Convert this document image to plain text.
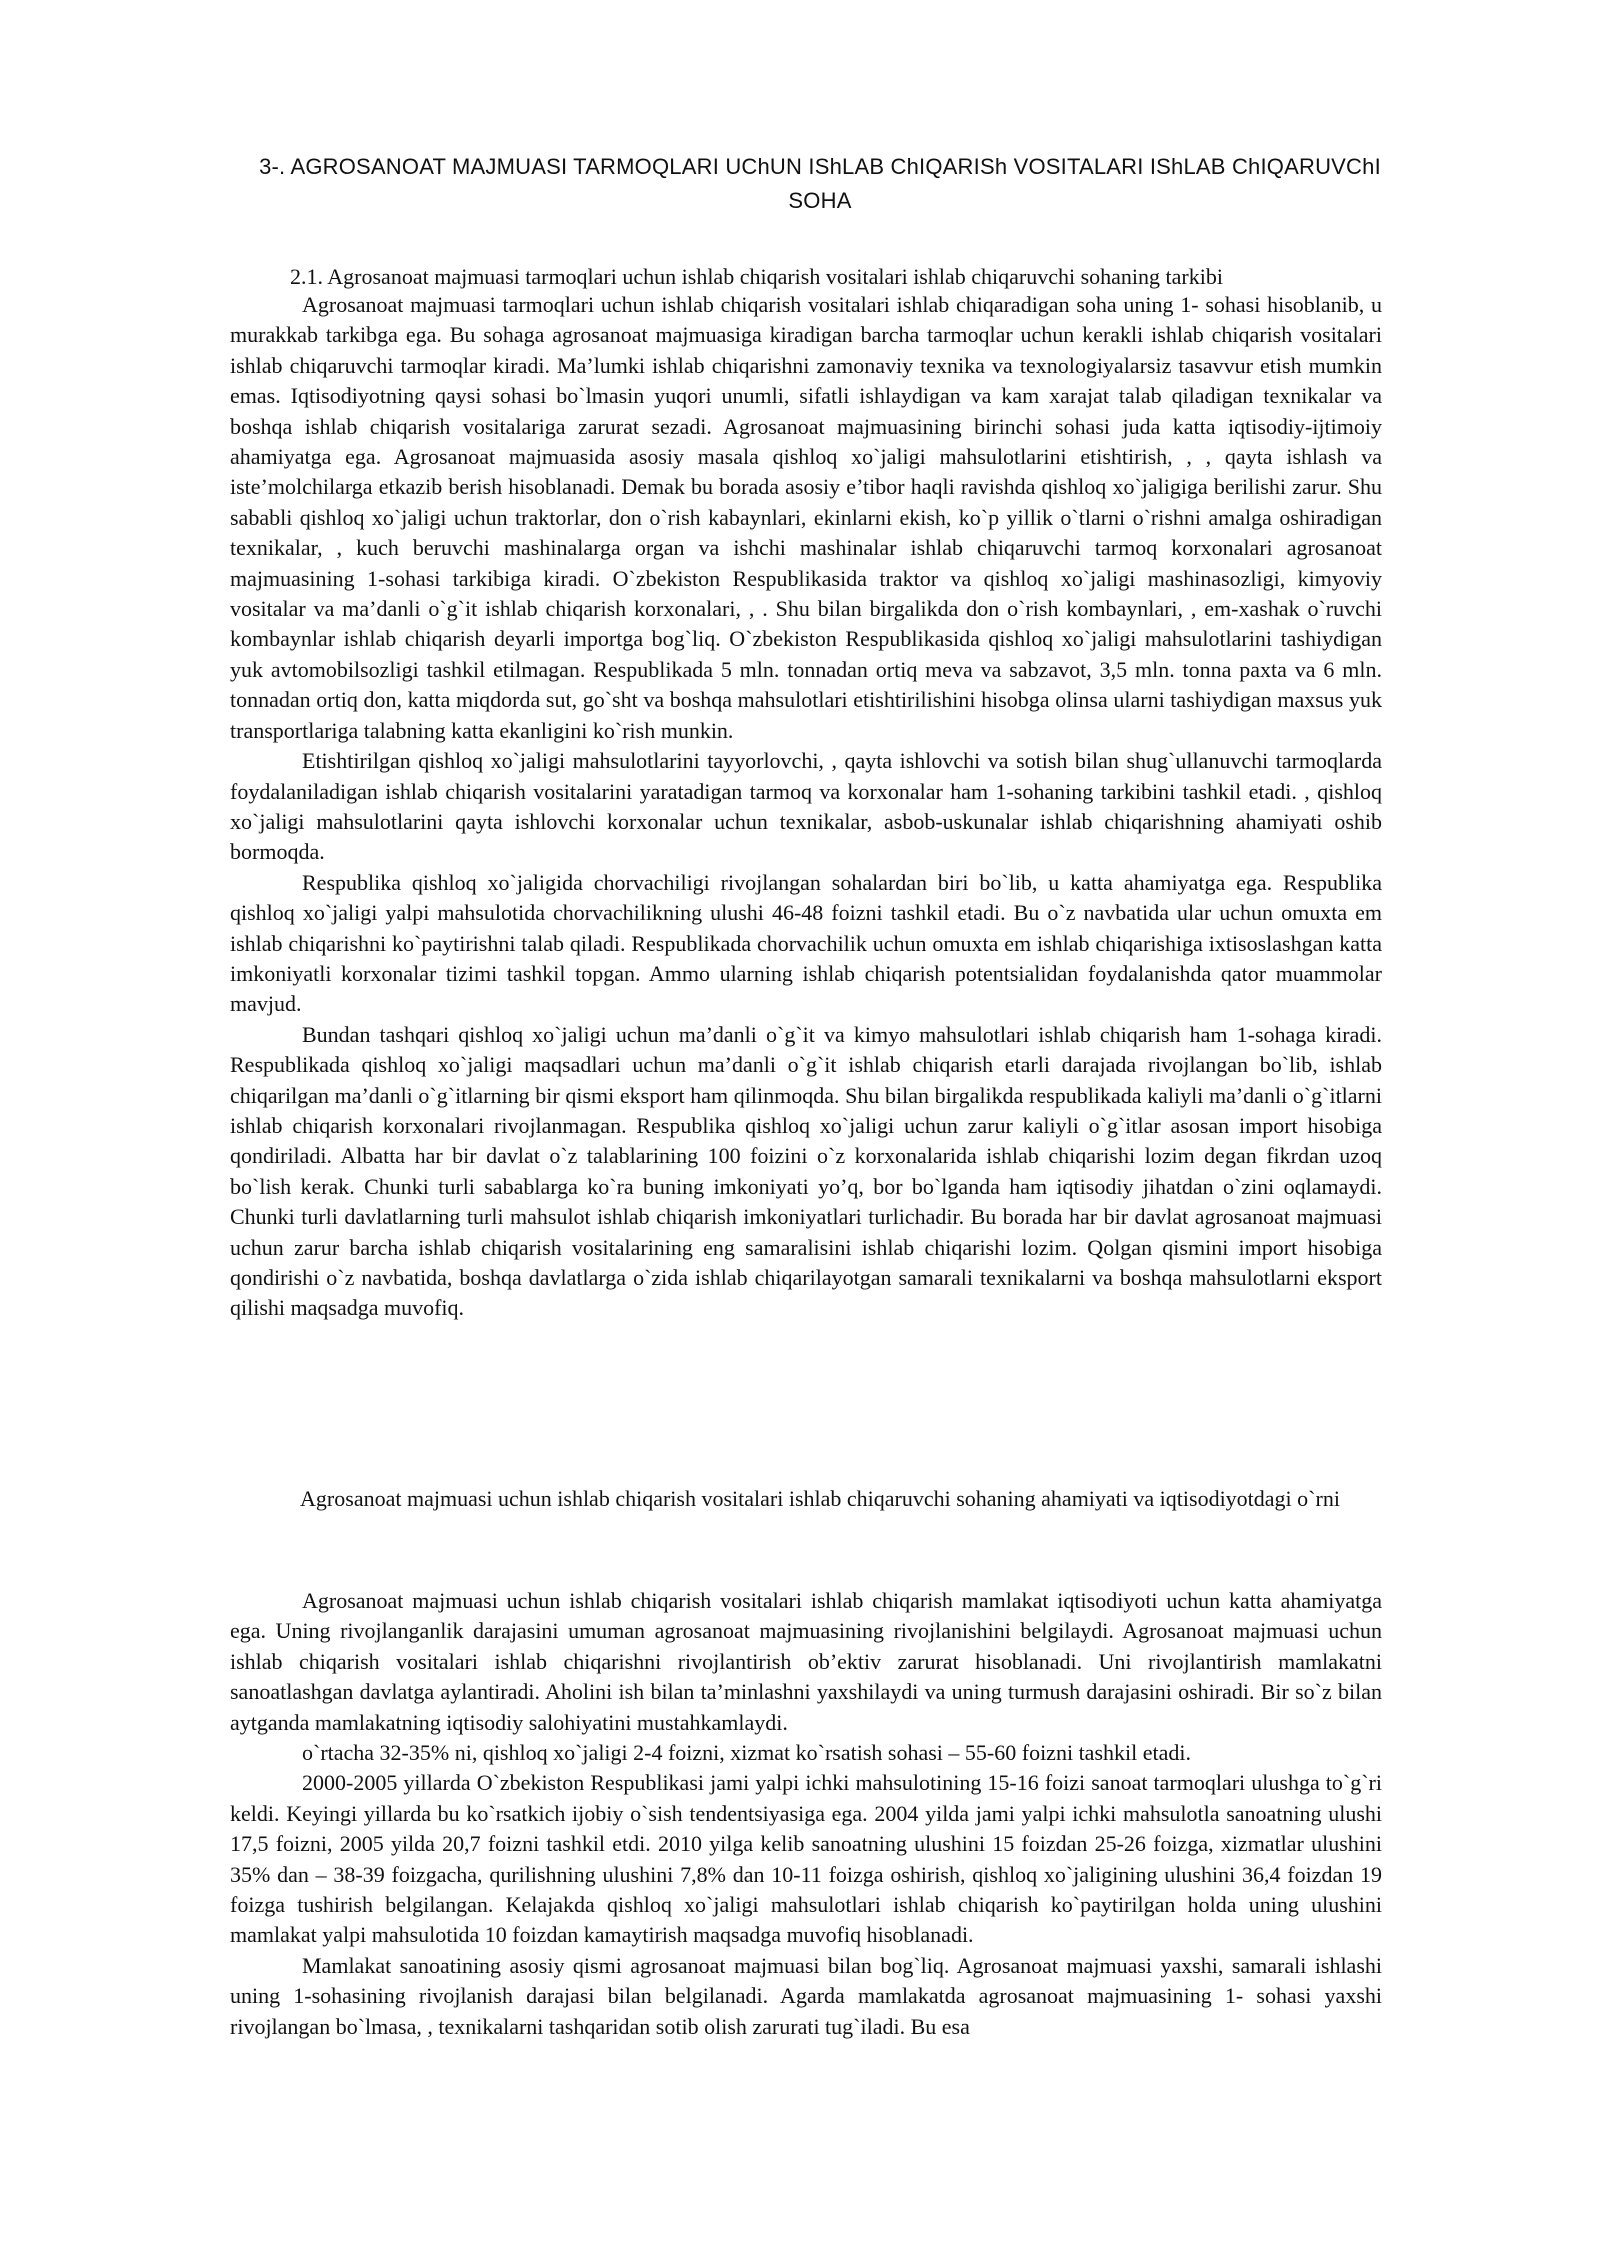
3-. AGROSANOAT MAJMUASI TARMOQLARI UChUN IShLAB ChIQARISh VOSITALARI IShLAB ChIQARUVChI SOHA
2.1. Agrosanoat majmuasi tarmoqlari uchun ishlab chiqarish vositalari ishlab chiqaruvchi sohaning tarkibi

Agrosanoat majmuasi tarmoqlari uchun ishlab chiqarish vositalari ishlab chiqaradigan soha uning 1- sohasi hisoblanib, u murakkab tarkibga ega. Bu sohaga agrosanoat majmuasiga kiradigan barcha tarmoqlar uchun kerakli ishlab chiqarish vositalari ishlab chiqaruvchi tarmoqlar kiradi. Ma’lumki ishlab chiqarishni zamonaviy texnika va texnologiyalarsiz tasavvur etish mumkin emas. Iqtisodiyotning qaysi sohasi bo`lmasin yuqori unumli, sifatli ishlaydigan va kam xarajat talab qiladigan texnikalar va boshqa ishlab chiqarish vositalariga zarurat sezadi. Agrosanoat majmuasining birinchi sohasi juda katta iqtisodiy-ijtimoiy ahamiyatga ega. Agrosanoat majmuasida asosiy masala qishloq xo`jaligi mahsulotlarini etishtirish, , , qayta ishlash va iste’molchilarga etkazib berish hisoblanadi. Demak bu borada asosiy e’tibor haqli ravishda qishloq xo`jaligiga berilishi zarur. Shu sababli qishloq xo`jaligi uchun traktorlar, don o`rish kabaynlari, ekinlarni ekish, ko`p yillik o`tlarni o`rishni amalga oshiradigan texnikalar, , kuch beruvchi mashinalarga organ va ishchi mashinalar ishlab chiqaruvchi tarmoq korxonalari agrosanoat majmuasining 1-sohasi tarkibiga kiradi. O`zbekiston Respublikasida traktor va qishloq xo`jaligi mashinasozligi, kimyoviy vositalar va ma’danli o`g`it ishlab chiqarish korxonalari, , . Shu bilan birgalikda don o`rish kombaynlari, , em-xashak o`ruvchi kombaynlar ishlab chiqarish deyarli importga bog`liq. O`zbekiston Respublikasida qishloq xo`jaligi mahsulotlarini tashiydigan yuk avtomobilsozligi tashkil etilmagan. Respublikada 5 mln. tonnadan ortiq meva va sabzavot, 3,5 mln. tonna paxta va 6 mln. tonnadan ortiq don, katta miqdorda sut, go`sht va boshqa mahsulotlari etishtirilishini hisobga olinsa ularni tashiydigan maxsus yuk transportlariga talabning katta ekanligini ko`rish munkin.

Etishtirilgan qishloq xo`jaligi mahsulotlarini tayyorlovchi, , qayta ishlovchi va sotish bilan shug`ullanuvchi tarmoqlarda foydalaniladigan ishlab chiqarish vositalarini yaratadigan tarmoq va korxonalar ham 1-sohaning tarkibini tashkil etadi. , qishloq xo`jaligi mahsulotlarini qayta ishlovchi korxonalar uchun texnikalar, asbob-uskunalar ishlab chiqarishning ahamiyati oshib bormoqda.

Respublika qishloq xo`jaligida chorvachiligi rivojlangan sohalardan biri bo`lib, u katta ahamiyatga ega. Respublika qishloq xo`jaligi yalpi mahsulotida chorvachilikning ulushi 46-48 foizni tashkil etadi. Bu o`z navbatida ular uchun omuxta em ishlab chiqarishni ko`paytirishni talab qiladi. Respublikada chorvachilik uchun omuxta em ishlab chiqarishiga ixtisoslashgan katta imkoniyatli korxonalar tizimi tashkil topgan. Ammo ularning ishlab chiqarish potentsialidan foydalanishda qator muammolar mavjud.

Bundan tashqari qishloq xo`jaligi uchun ma’danli o`g`it va kimyo mahsulotlari ishlab chiqarish ham 1-sohaga kiradi. Respublikada qishloq xo`jaligi maqsadlari uchun ma’danli o`g`it ishlab chiqarish etarli darajada rivojlangan bo`lib, ishlab chiqarilgan ma’danli o`g`itlarning bir qismi eksport ham qilinmoqda. Shu bilan birgalikda respublikada kaliyli ma’danli o`g`itlarni ishlab chiqarish korxonalari rivojlanmagan. Respublika qishloq xo`jaligi uchun zarur kaliyli o`g`itlar asosan import hisobiga qondiriladi. Albatta har bir davlat o`z talablarining 100 foizini o`z korxonalarida ishlab chiqarishi lozim degan fikrdan uzoq bo`lish kerak. Chunki turli sabablarga ko`ra buning imkoniyati yo’q, bor bo`lganda ham iqtisodiy jihatdan o`zini oqlamaydi. Chunki turli davlatlarning turli mahsulot ishlab chiqarish imkoniyatlari turlichadir. Bu borada har bir davlat agrosanoat majmuasi uchun zarur barcha ishlab chiqarish vositalarining eng samaralisini ishlab chiqarishi lozim. Qolgan qismini import hisobiga qondirishi o`z navbatida, boshqa davlatlarga o`zida ishlab chiqarilayotgan samarali texnikalarni va boshqa mahsulotlarni eksport qilishi maqsadga muvofiq.

Agrosanoat majmuasi uchun ishlab chiqarish vositalari ishlab chiqaruvchi sohaning ahamiyati va iqtisodiyotdagi o`rni

Agrosanoat majmuasi uchun ishlab chiqarish vositalari ishlab chiqarish mamlakat iqtisodiyoti uchun katta ahamiyatga ega. Uning rivojlanganlik darajasini umuman agrosanoat majmuasining rivojlanishini belgilaydi. Agrosanoat majmuasi uchun ishlab chiqarish vositalari ishlab chiqarishni rivojlantirish ob’ektiv zarurat hisoblanadi. Uni rivojlantirish mamlakatni sanoatlashgan davlatga aylantiradi. Aholini ish bilan ta’minlashni yaxshilaydi va uning turmush darajasini oshiradi. Bir so`z bilan aytganda mamlakatning iqtisodiy salohiyatini mustahkamlaydi.

o`rtacha 32-35% ni, qishloq xo`jaligi 2-4 foizni, xizmat ko`rsatish sohasi – 55-60 foizni tashkil etadi.

2000-2005 yillarda O`zbekiston Respublikasi jami yalpi ichki mahsulotining 15-16 foizi sanoat tarmoqlari ulushga to`g`ri keldi. Keyingi yillarda bu ko`rsatkich ijobiy o`sish tendentsiyasiga ega. 2004 yilda jami yalpi ichki mahsulotla sanoatning ulushi 17,5 foizni, 2005 yilda 20,7 foizni tashkil etdi. 2010 yilga kelib sanoatning ulushini 15 foizdan 25-26 foizga, xizmatlar ulushini 35% dan – 38-39 foizgacha, qurilishning ulushini 7,8% dan 10-11 foizga oshirish, qishloq xo`jaligining ulushini 36,4 foizdan 19 foizga tushirish belgilangan. Kelajakda qishloq xo`jaligi mahsulotlari ishlab chiqarish ko`paytirilgan holda uning ulushini mamlakat yalpi mahsulotida 10 foizdan kamaytirish maqsadga muvofiq hisoblanadi.

Mamlakat sanoatining asosiy qismi agrosanoat majmuasi bilan bog`liq. Agrosanoat majmuasi yaxshi, samarali ishlashi uning 1-sohasining rivojlanish darajasi bilan belgilanadi. Agarda mamlakatda agrosanoat majmuasining 1- sohasi yaxshi rivojlangan bo`lmasa, , texnikalarni tashqaridan sotib olish zarurati tug`iladi. Bu esa
